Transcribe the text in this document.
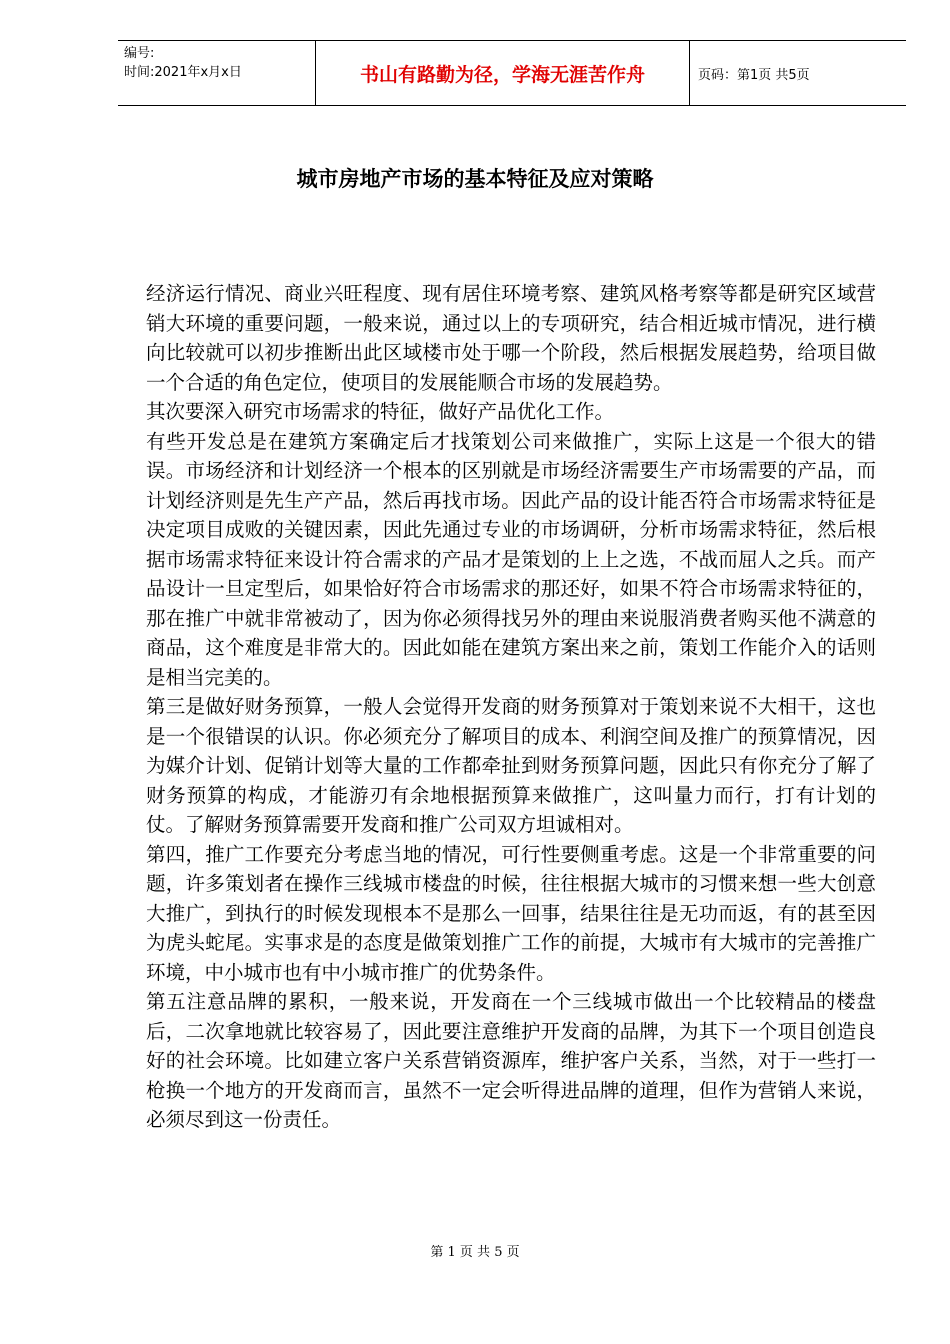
编号:
时间:2021年x月x日	书山有路勤为径，学海无涯苦作舟	页码：第1页 共5页
城市房地产市场的基本特征及应对策略

经济运行情况、商业兴旺程度、现有居住环境考察、建筑风格考察等都是研究区域营销大环境的重要问题，一般来说，通过以上的专项研究，结合相近城市情况，进行横向比较就可以初步推断出此区域楼市处于哪一个阶段，然后根据发展趋势，给项目做一个合适的角色定位，使项目的发展能顺合市场的发展趋势。

其次要深入研究市场需求的特征，做好产品优化工作。

有些开发总是在建筑方案确定后才找策划公司来做推广，实际上这是一个很大的错误。市场经济和计划经济一个根本的区别就是市场经济需要生产市场需要的产品，而计划经济则是先生产产品，然后再找市场。因此产品的设计能否符合市场需求特征是决定项目成败的关键因素，因此先通过专业的市场调研，分析市场需求特征，然后根据市场需求特征来设计符合需求的产品才是策划的上上之选，不战而屈人之兵。而产品设计一旦定型后，如果恰好符合市场需求的那还好，如果不符合市场需求特征的，那在推广中就非常被动了，因为你必须得找另外的理由来说服消费者购买他不满意的商品，这个难度是非常大的。因此如能在建筑方案出来之前，策划工作能介入的话则是相当完美的。

第三是做好财务预算，一般人会觉得开发商的财务预算对于策划来说不大相干，这也是一个很错误的认识。你必须充分了解项目的成本、利润空间及推广的预算情况，因为媒介计划、促销计划等大量的工作都牵扯到财务预算问题，因此只有你充分了解了财务预算的构成，才能游刃有余地根据预算来做推广，这叫量力而行，打有计划的仗。了解财务预算需要开发商和推广公司双方坦诚相对。

第四，推广工作要充分考虑当地的情况，可行性要侧重考虑。这是一个非常重要的问题，许多策划者在操作三线城市楼盘的时候，往往根据大城市的习惯来想一些大创意大推广，到执行的时候发现根本不是那么一回事，结果往往是无功而返，有的甚至因为虎头蛇尾。实事求是的态度是做策划推广工作的前提，大城市有大城市的完善推广环境，中小城市也有中小城市推广的优势条件。

第五注意品牌的累积，一般来说，开发商在一个三线城市做出一个比较精品的楼盘后，二次拿地就比较容易了，因此要注意维护开发商的品牌，为其下一个项目创造良好的社会环境。比如建立客户关系营销资源库，维护客户关系，当然，对于一些打一枪换一个地方的开发商而言，虽然不一定会听得进品牌的道理，但作为营销人来说，必须尽到这一份责任。

第 1 页 共 5 页
